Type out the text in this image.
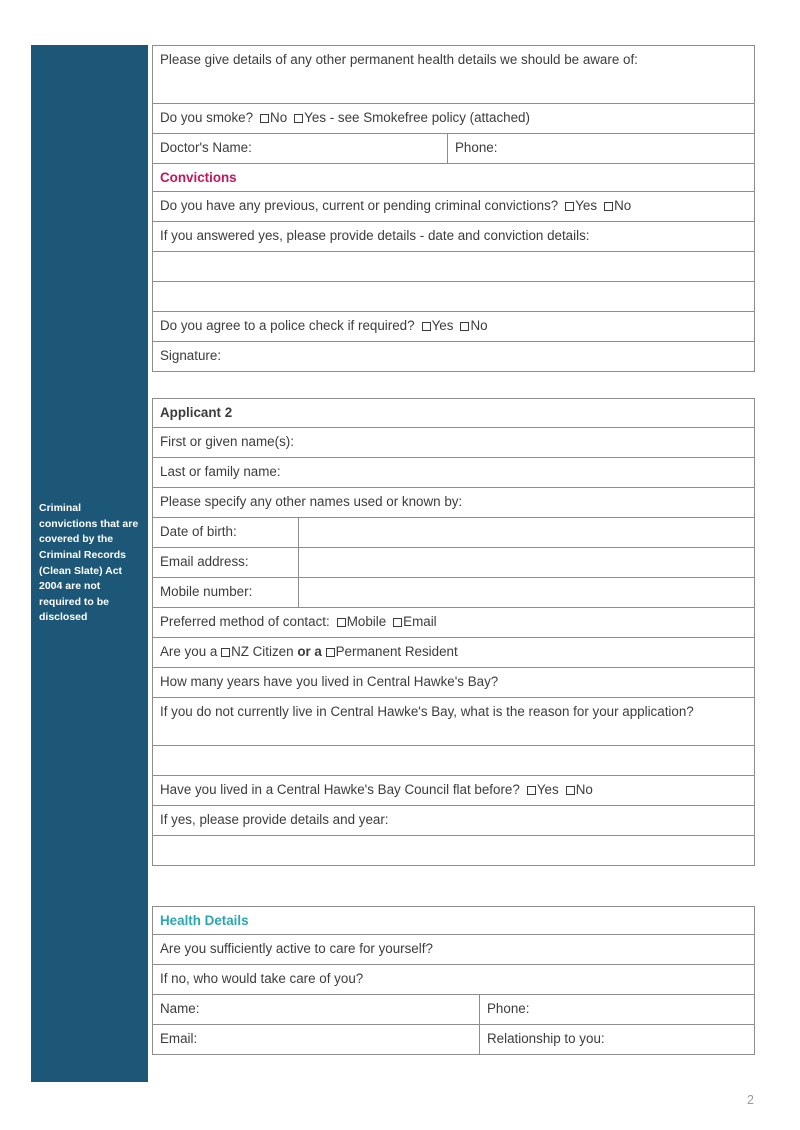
Criminal convictions that are covered by the Criminal Records (Clean Slate) Act 2004 are not required to be disclosed
Please give details of any other permanent health details we should be aware of:
Do you smoke? No Yes - see Smokefree policy (attached)
Doctor's Name:	Phone:
Convictions
Do you have any previous, current or pending criminal convictions? Yes No
If you answered yes, please provide details - date and conviction details:

Do you agree to a police check if required? Yes No
Signature:
Applicant 2	
First or given name(s):	
Last or family name:	
Please specify any other names used or known by:	
Date of birth:	
Email address:	
Mobile number:	
Preferred method of contact: Mobile Email	
Are you a NZ Citizen or a Permanent Resident	
How many years have you lived in Central Hawke's Bay?	
If you do not currently live in Central Hawke's Bay, what is the reason for your application?	

Have you lived in a Central Hawke's Bay Council flat before? Yes No	
If yes, please provide details and year:	

Health Details	
Are you sufficiently active to care for yourself?	
If no, who would take care of you?	
Name:	Phone:
Email:	Relationship to you:
2
